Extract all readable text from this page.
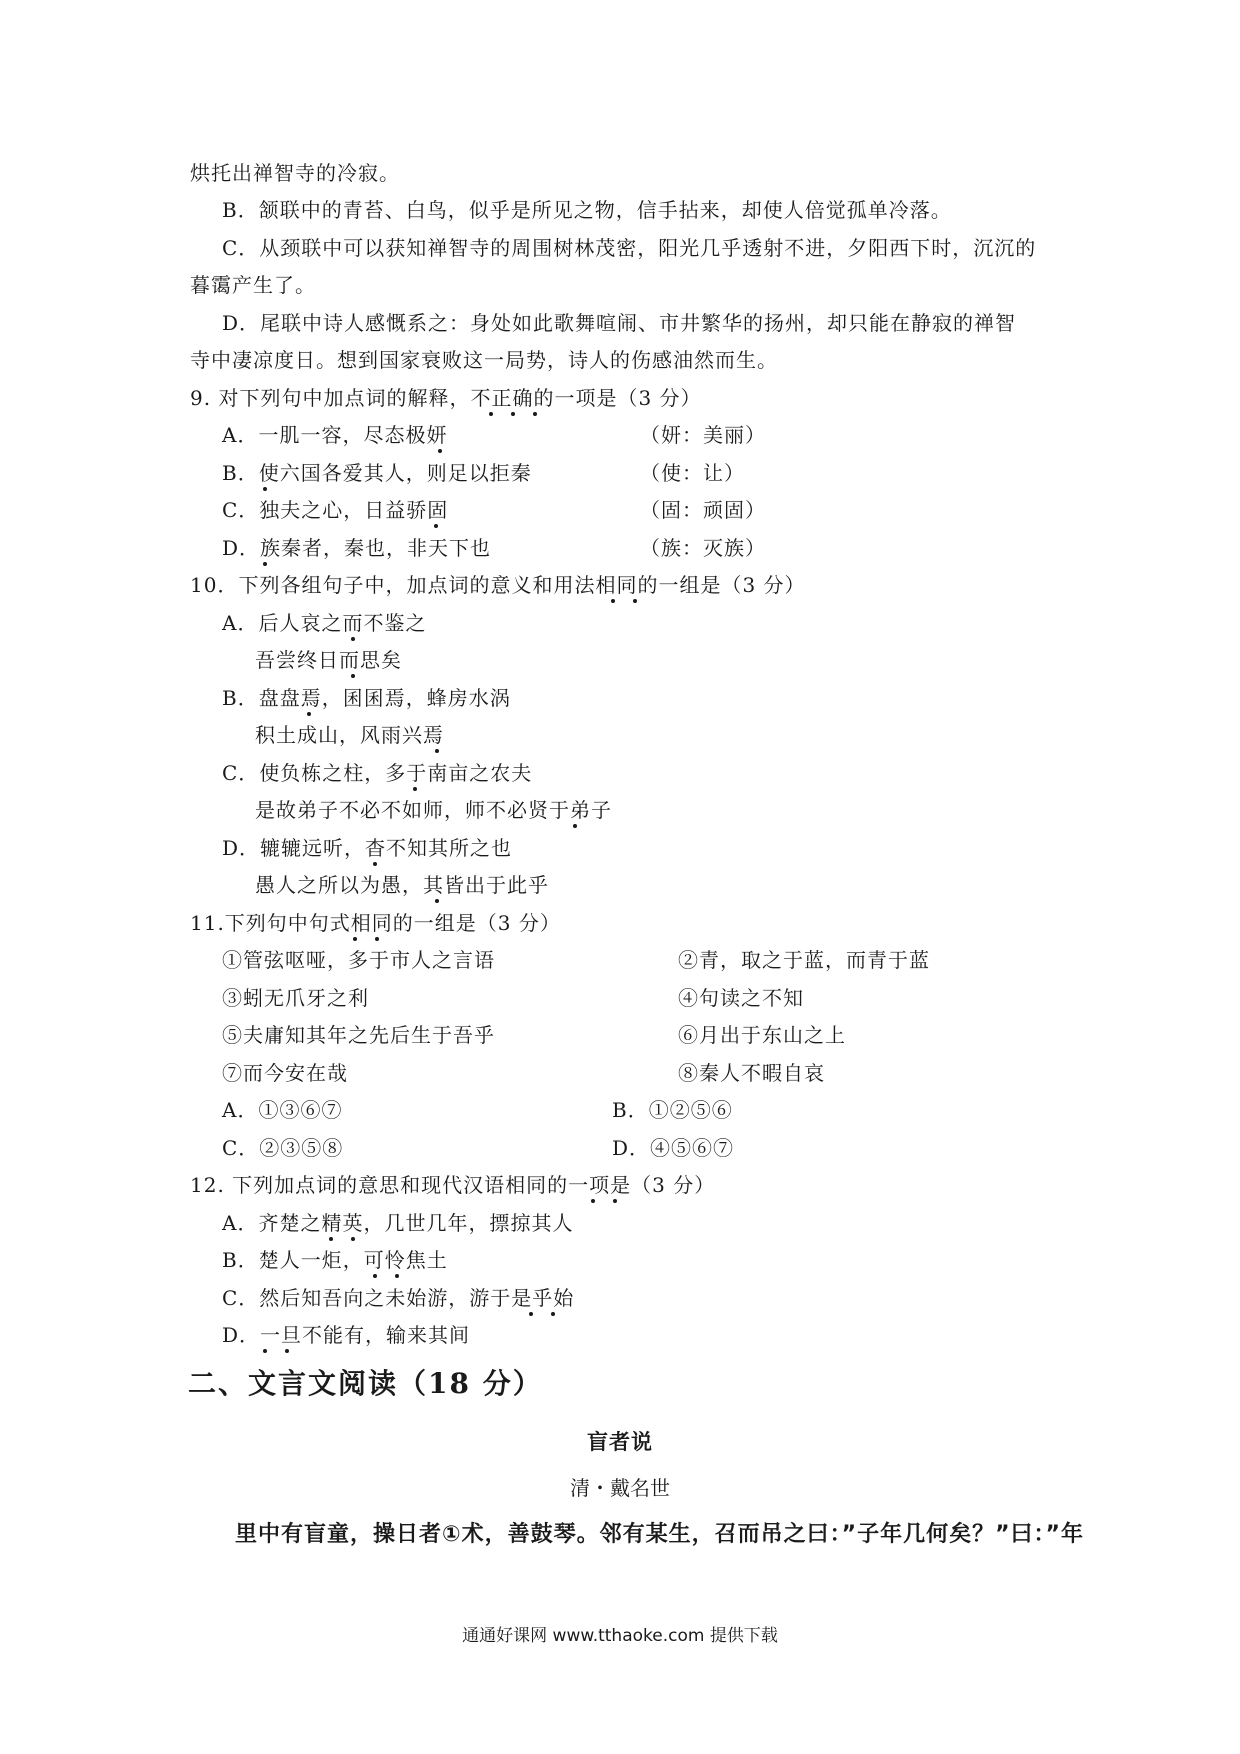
烘托出禅智寺的冷寂。
B．颔联中的青苔、白鸟，似乎是所见之物，信手拈来，却使人倍觉孤单冷落。
C．从颈联中可以获知禅智寺的周围树林茂密，阳光几乎透射不进，夕阳西下时，沉沉的
暮霭产生了。
D．尾联中诗人感慨系之：身处如此歌舞喧闹、市井繁华的扬州，却只能在静寂的禅智
寺中凄凉度日。想到国家衰败这一局势，诗人的伤感油然而生。
9. 对下列句中加点词的解释，不正确的一项是（3 分）
A．一肌一容，尽态极妍	（妍：美丽）
B．使六国各爱其人，则足以拒秦	（使：让）
C．独夫之心，日益骄固	（固：顽固）
D．族秦者，秦也，非天下也	（族：灭族）
10．下列各组句子中，加点词的意义和用法相同的一组是（3 分）
A．后人哀之而不鉴之
吾尝终日而思矣
B．盘盘焉，囷囷焉，蜂房水涡
积土成山，风雨兴焉
C．使负栋之柱，多于南亩之农夫
是故弟子不必不如师，师不必贤于弟子
D．辘辘远听，杳不知其所之也
愚人之所以为愚，其皆出于此乎
11.下列句中句式相同的一组是（3 分）
①管弦呕哑，多于市人之言语	②青，取之于蓝，而青于蓝
③蚓无爪牙之利	④句读之不知
⑤夫庸知其年之先后生于吾乎	⑥月出于东山之上
⑦而今安在哉	⑧秦人不暇自哀
A．①③⑥⑦	B．①②⑤⑥
C．②③⑤⑧	D．④⑤⑥⑦
12. 下列加点词的意思和现代汉语相同的一项是（3 分）
A．齐楚之精英，几世几年，摽掠其人
B．楚人一炬，可怜焦土
C．然后知吾向之未始游，游于是乎始
D．一旦不能有，输来其间
二、文言文阅读（18 分）
盲者说
清・戴名世
里中有盲童，操日者①术，善鼓琴。邻有某生，召而吊之曰：”子年几何矣？”曰：”年
通通好课网 www.tthaoke.com 提供下载
